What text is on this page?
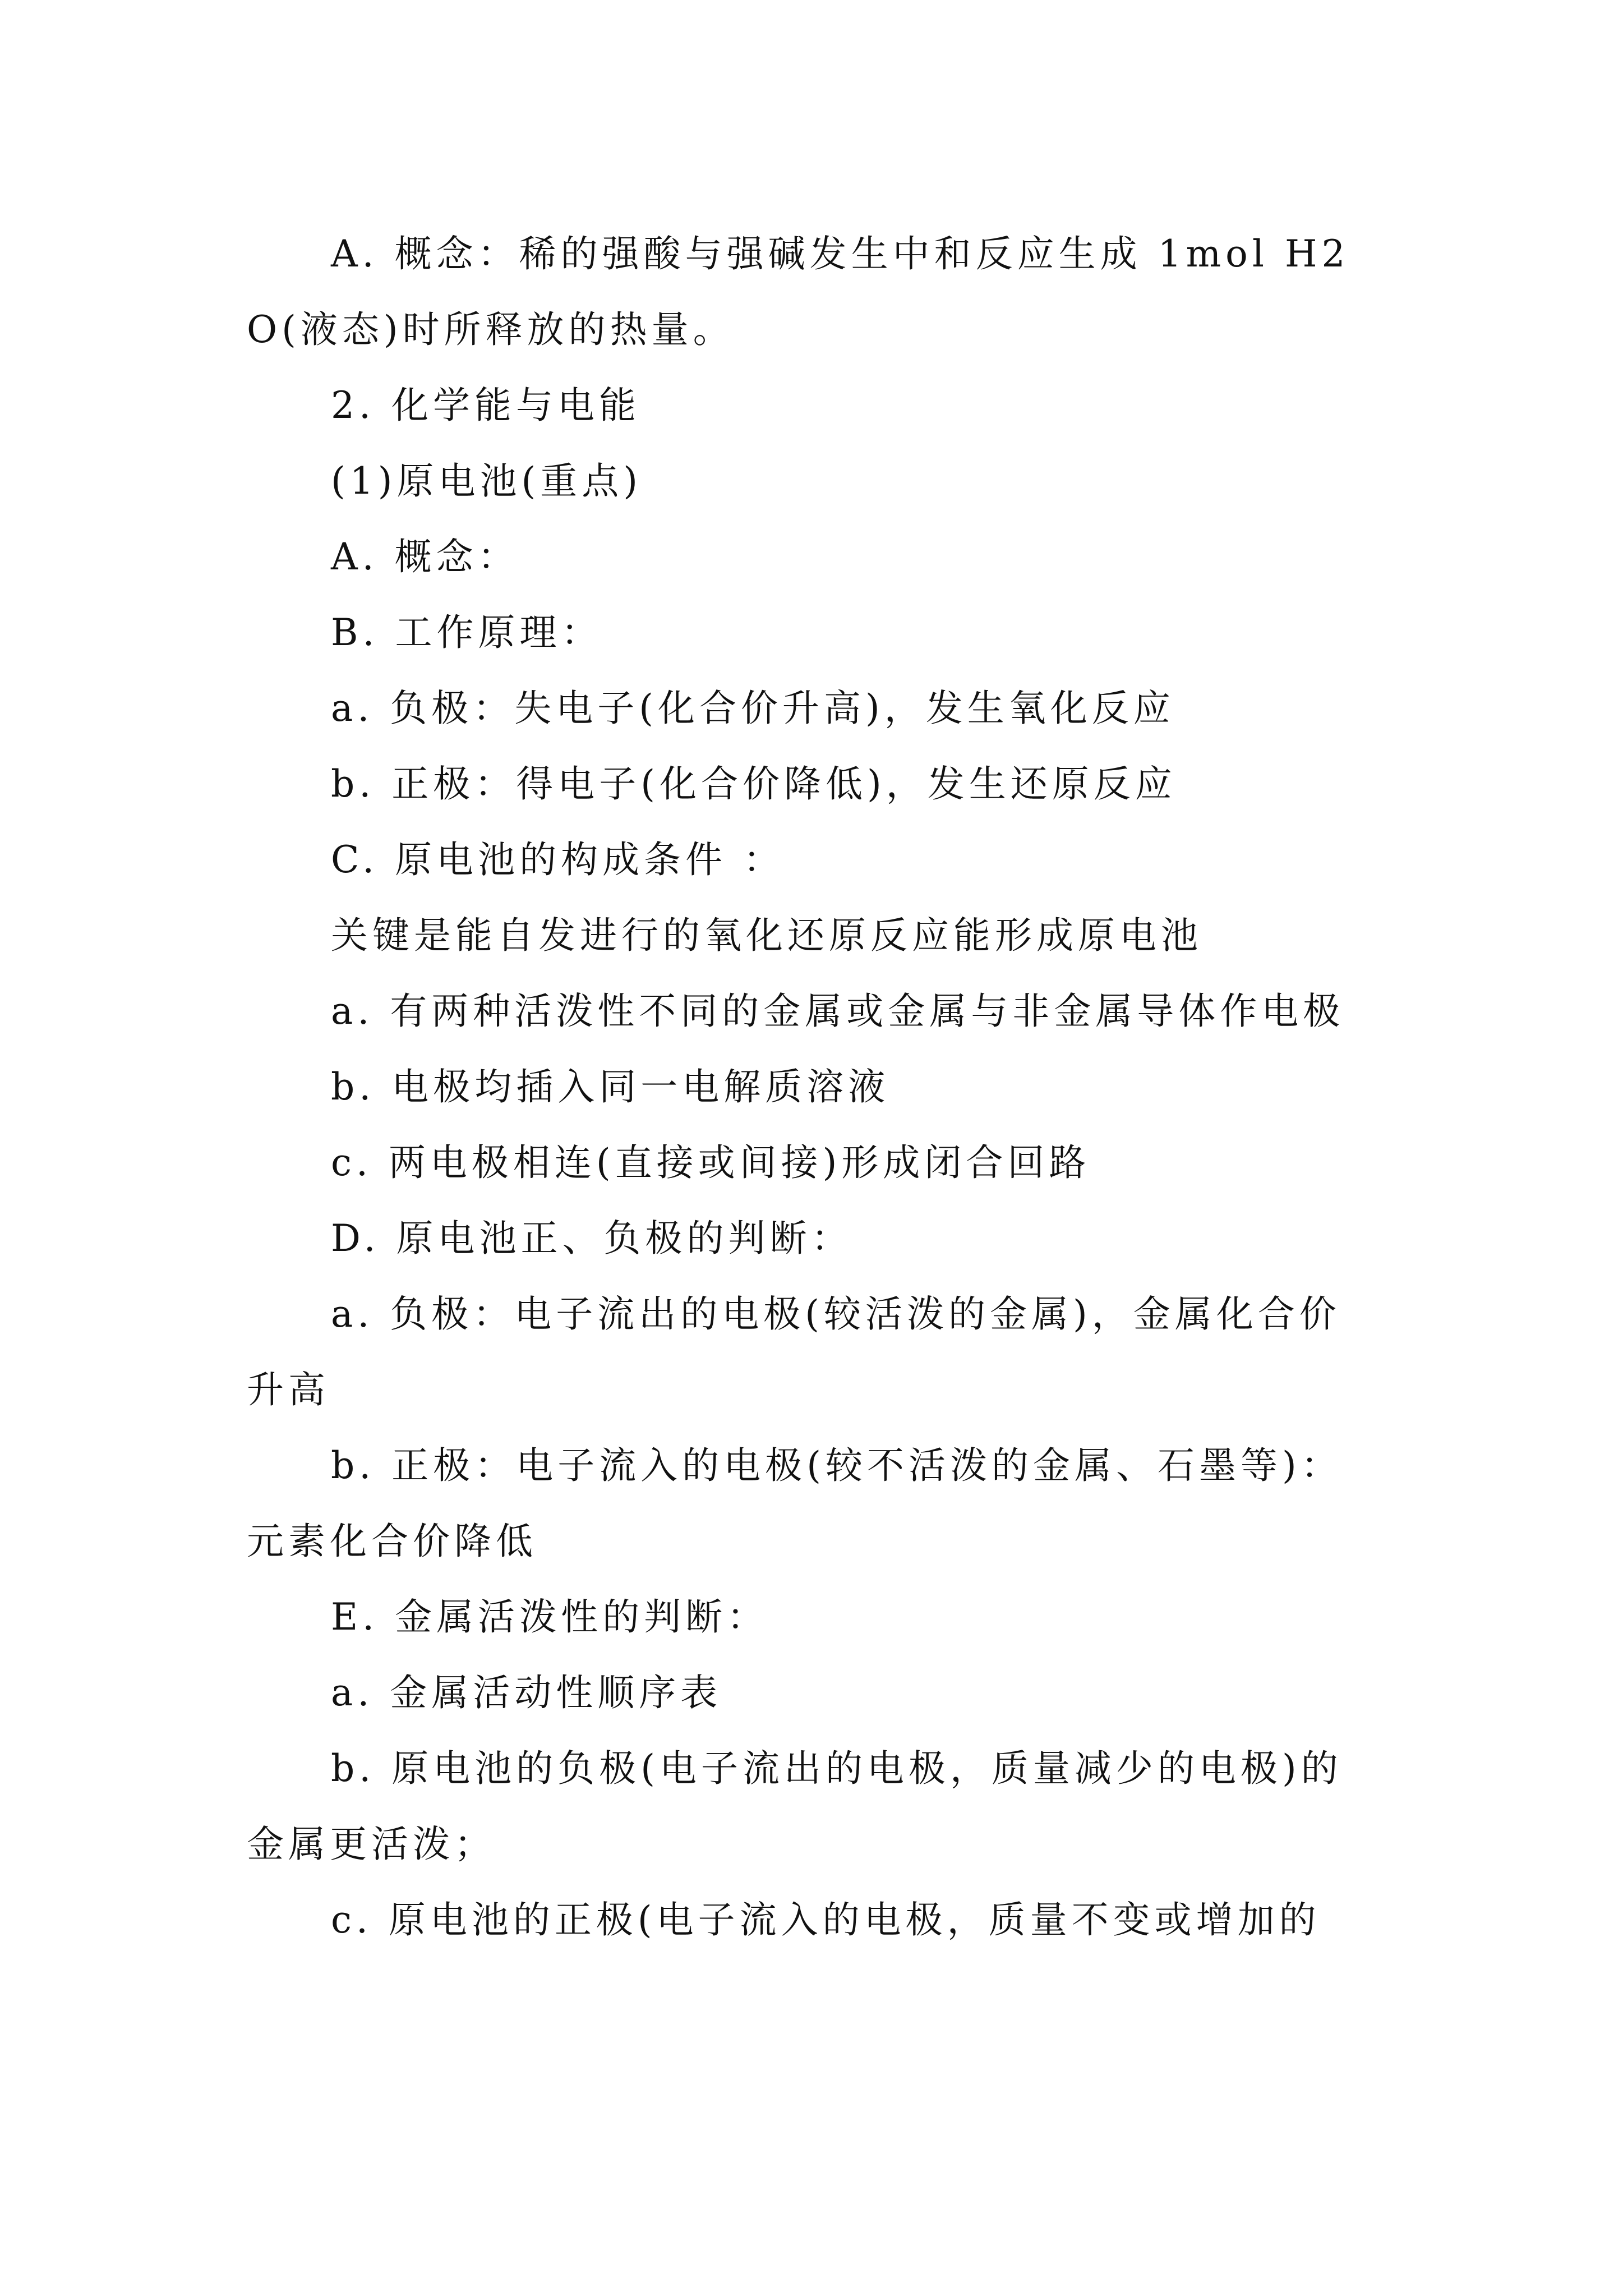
A. 概念：稀的强酸与强碱发生中和反应生成 1mol H2O(液态)时所释放的热量。

2. 化学能与电能

(1)原电池(重点)

A. 概念：

B. 工作原理：

a. 负极：失电子(化合价升高)，发生氧化反应

b. 正极：得电子(化合价降低)，发生还原反应

C. 原电池的构成条件 ：

关键是能自发进行的氧化还原反应能形成原电池

a. 有两种活泼性不同的金属或金属与非金属导体作电极

b. 电极均插入同一电解质溶液

c. 两电极相连(直接或间接)形成闭合回路

D. 原电池正、负极的判断：

a. 负极：电子流出的电极(较活泼的金属)，金属化合价升高

b. 正极：电子流入的电极(较不活泼的金属、石墨等)：元素化合价降低

E. 金属活泼性的判断：

a. 金属活动性顺序表

b. 原电池的负极(电子流出的电极，质量减少的电极)的金属更活泼；

c. 原电池的正极(电子流入的电极，质量不变或增加的
